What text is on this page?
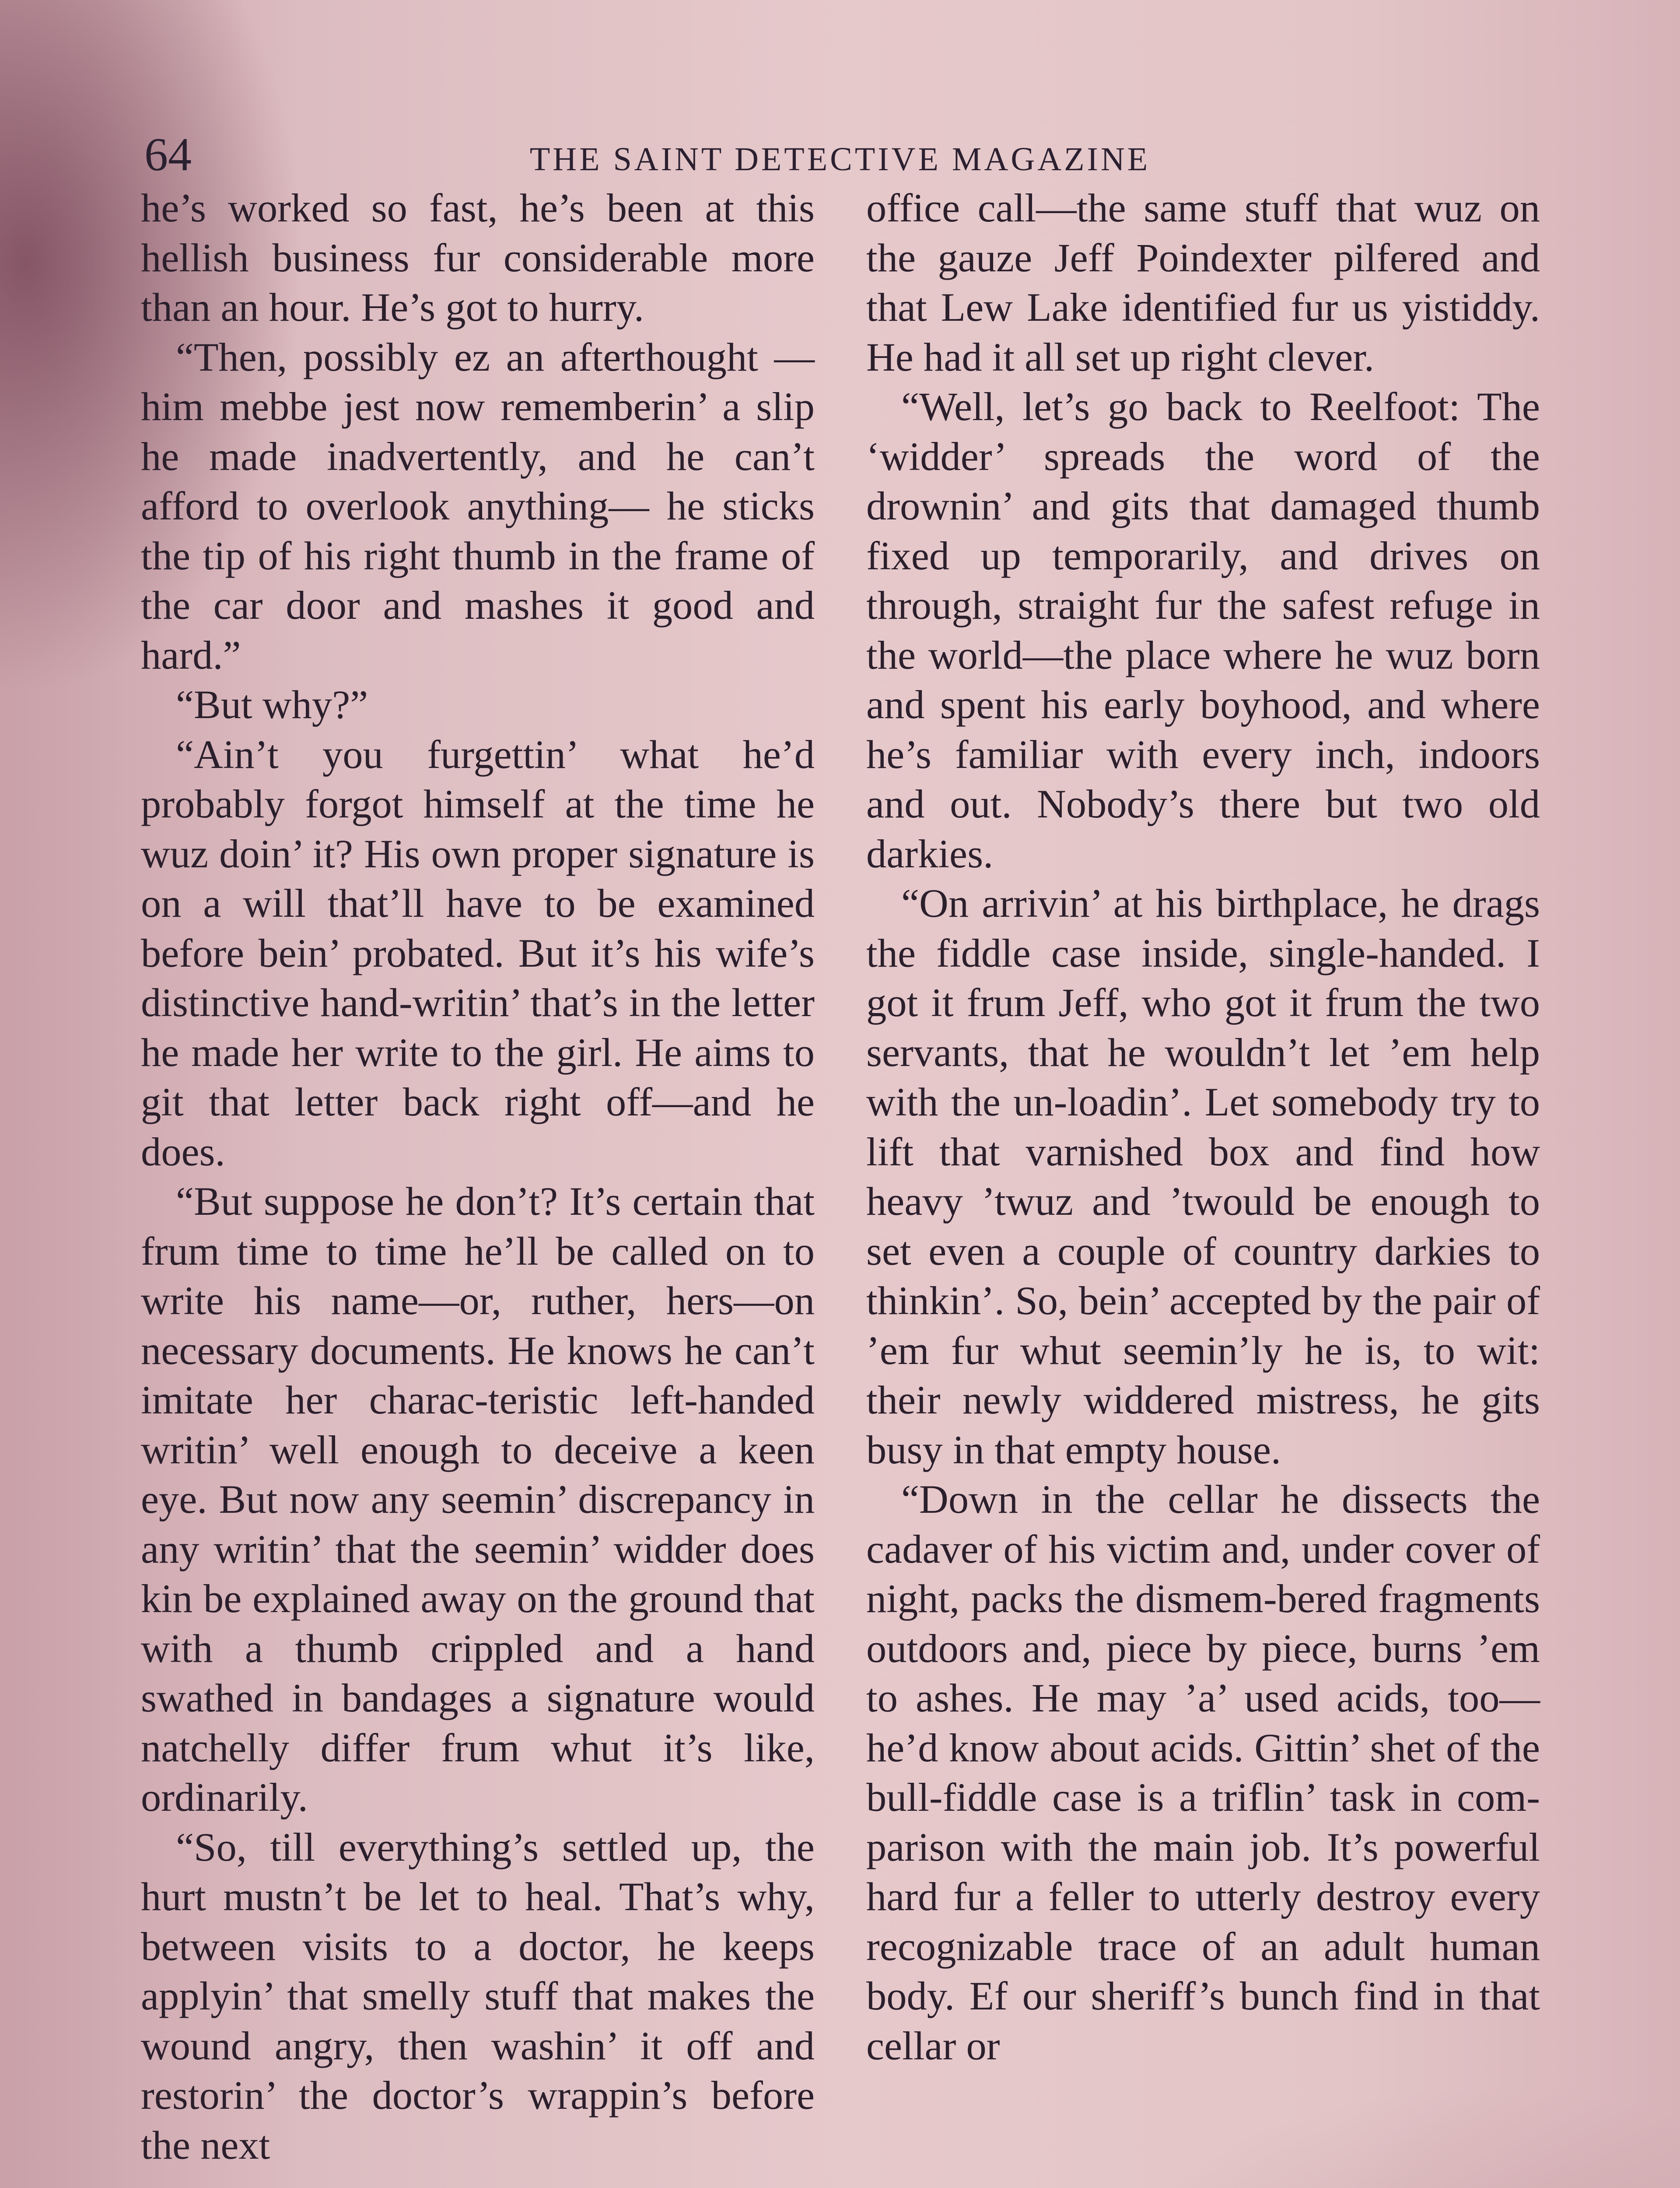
64	THE SAINT DETECTIVE MAGAZINE

he’s worked so fast, he’s been at this hellish business fur considerable more than an hour. He’s got to hurry.

“Then, possibly ez an afterthought —him mebbe jest now rememberin’ a slip he made inadvertently, and he can’t afford to overlook anything— he sticks the tip of his right thumb in the frame of the car door and mashes it good and hard.”

“But why?”

“Ain’t you furgettin’ what he’d probably forgot himself at the time he wuz doin’ it? His own proper signature is on a will that’ll have to be examined before bein’ probated. But it’s his wife’s distinctive hand-writin’ that’s in the letter he made her write to the girl. He aims to git that letter back right off—and he does.

“But suppose he don’t? It’s certain that frum time to time he’ll be called on to write his name—or, ruther, hers—on necessary documents. He knows he can’t imitate her charac-teristic left-handed writin’ well enough to deceive a keen eye. But now any seemin’ discrepancy in any writin’ that the seemin’ widder does kin be explained away on the ground that with a thumb crippled and a hand swathed in bandages a signature would natchelly differ frum whut it’s like, ordinarily.

“So, till everything’s settled up, the hurt mustn’t be let to heal. That’s why, between visits to a doctor, he keeps applyin’ that smelly stuff that makes the wound angry, then washin’ it off and restorin’ the doctor’s wrappin’s before the next

office call—the same stuff that wuz on the gauze Jeff Poindexter pilfered and that Lew Lake identified fur us yistiddy. He had it all set up right clever.

“Well, let’s go back to Reelfoot: The ‘widder’ spreads the word of the drownin’ and gits that damaged thumb fixed up temporarily, and drives on through, straight fur the safest refuge in the world—the place where he wuz born and spent his early boyhood, and where he’s familiar with every inch, indoors and out. Nobody’s there but two old darkies.

“On arrivin’ at his birthplace, he drags the fiddle case inside, single-handed. I got it frum Jeff, who got it frum the two servants, that he wouldn’t let ’em help with the un-loadin’. Let somebody try to lift that varnished box and find how heavy ’twuz and ’twould be enough to set even a couple of country darkies to thinkin’. So, bein’ accepted by the pair of ’em fur whut seemin’ly he is, to wit: their newly widdered mistress, he gits busy in that empty house.

“Down in the cellar he dissects the cadaver of his victim and, under cover of night, packs the dismem-bered fragments outdoors and, piece by piece, burns ’em to ashes. He may ’a’ used acids, too—he’d know about acids. Gittin’ shet of the bull-fiddle case is a triflin’ task in com-parison with the main job. It’s powerful hard fur a feller to utterly destroy every recognizable trace of an adult human body. Ef our sheriff’s bunch find in that cellar or
